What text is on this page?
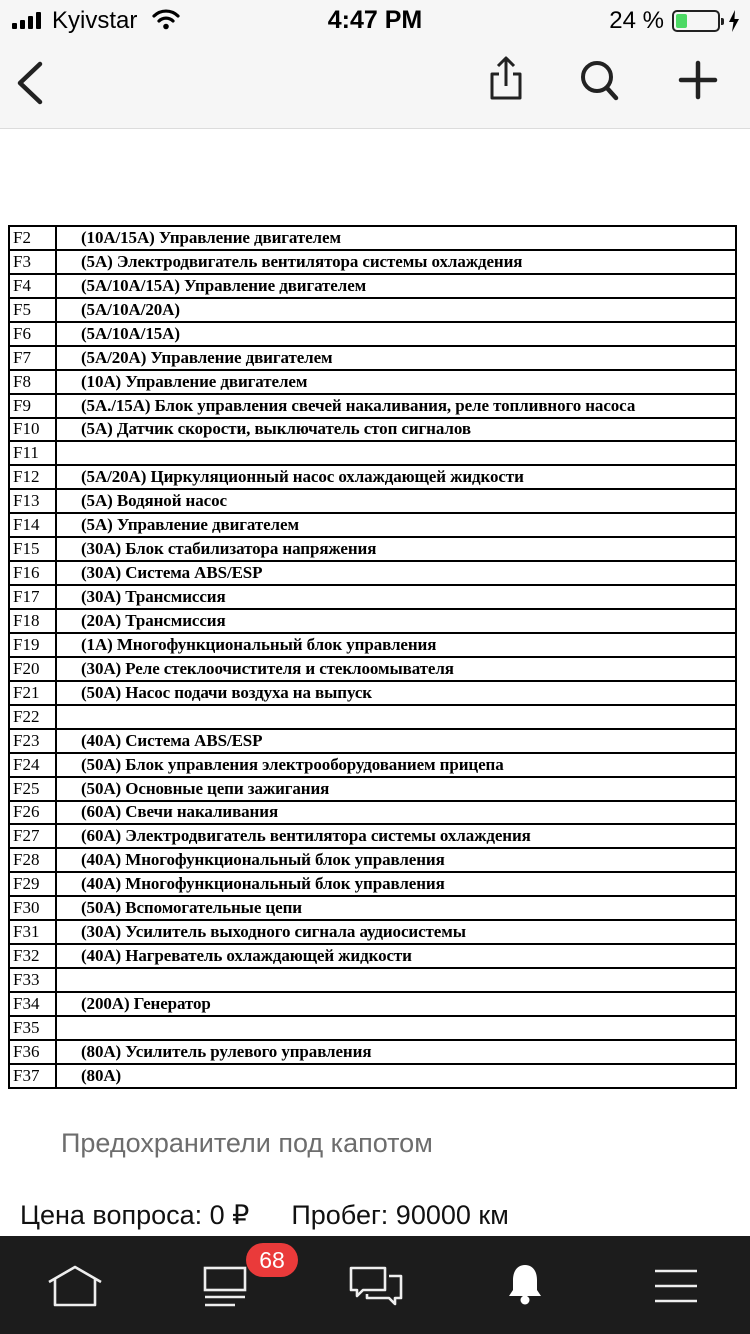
Kyivstar	4:47 PM	24 %
F2	(10A/15A) Управление двигателем
F3	(5A) Электродвигатель вентилятора системы охлаждения
F4	(5A/10A/15A) Управление двигателем
F5	(5A/10A/20A)
F6	(5A/10A/15A)
F7	(5A/20A) Управление двигателем
F8	(10A) Управление двигателем
F9	(5A./15A) Блок управления свечей накаливания, реле топливного насоса
F10	(5A) Датчик скорости, выключатель стоп сигналов
F11	
F12	(5A/20A) Циркуляционный насос охлаждающей жидкости
F13	(5A) Водяной насос
F14	(5A) Управление двигателем
F15	(30A) Блок стабилизатора напряжения
F16	(30A) Система ABS/ESP
F17	(30A) Трансмиссия
F18	(20A) Трансмиссия
F19	(1A) Многофункциональный блок управления
F20	(30A) Реле стеклоочистителя и стеклоомывателя
F21	(50A) Насос подачи воздуха на выпуск
F22	
F23	(40A) Система ABS/ESP
F24	(50A) Блок управления электрооборудованием прицепа
F25	(50A) Основные цепи зажигания
F26	(60A) Свечи накаливания
F27	(60A) Электродвигатель вентилятора системы охлаждения
F28	(40A) Многофункциональный блок управления
F29	(40A) Многофункциональный блок управления
F30	(50A) Вспомогательные цепи
F31	(30A) Усилитель выходного сигнала аудиосистемы
F32	(40A) Нагреватель охлаждающей жидкости
F33	
F34	(200A) Генератор
F35	
F36	(80A) Усилитель рулевого управления
F37	(80A)
Предохранители под капотом
Цена вопроса: 0 ₽ Пробег: 90000 км
68
